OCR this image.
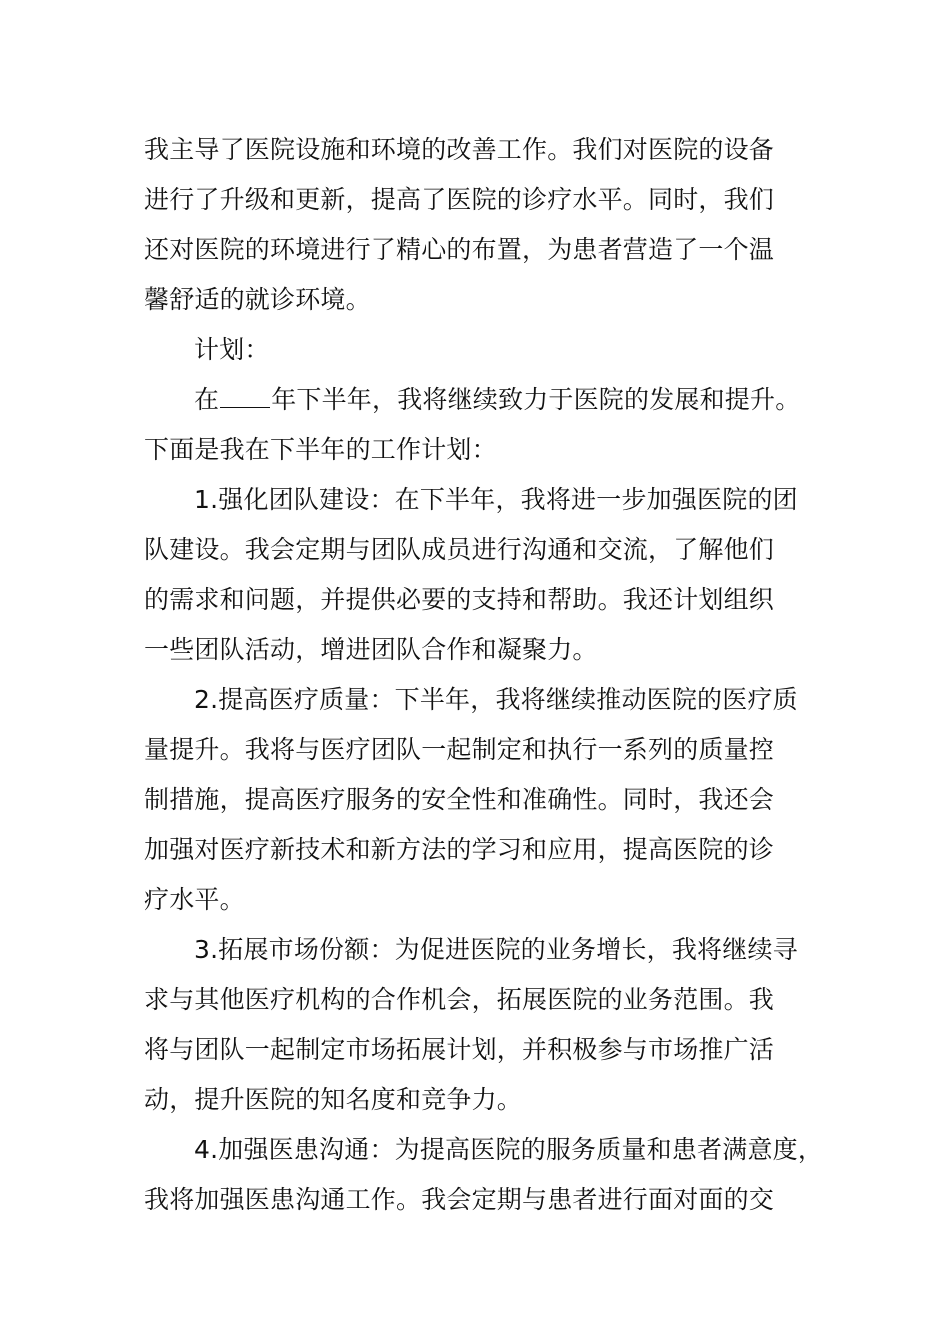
我主导了医院设施和环境的改善工作。我们对医院的设备
进行了升级和更新，提高了医院的诊疗水平。同时，我们
还对医院的环境进行了精心的布置，为患者营造了一个温
馨舒适的就诊环境。
计划：
在 年下半年，我将继续致力于医院的发展和提升。
下面是我在下半年的工作计划：
1.强化团队建设：在下半年，我将进一步加强医院的团
队建设。我会定期与团队成员进行沟通和交流，了解他们
的需求和问题，并提供必要的支持和帮助。我还计划组织
一些团队活动，增进团队合作和凝聚力。
2.提高医疗质量：下半年，我将继续推动医院的医疗质
量提升。我将与医疗团队一起制定和执行一系列的质量控
制措施，提高医疗服务的安全性和准确性。同时，我还会
加强对医疗新技术和新方法的学习和应用，提高医院的诊
疗水平。
3.拓展市场份额：为促进医院的业务增长，我将继续寻
求与其他医疗机构的合作机会，拓展医院的业务范围。我
将与团队一起制定市场拓展计划，并积极参与市场推广活
动，提升医院的知名度和竞争力。
4.加强医患沟通：为提高医院的服务质量和患者满意度，
我将加强医患沟通工作。我会定期与患者进行面对面的交
